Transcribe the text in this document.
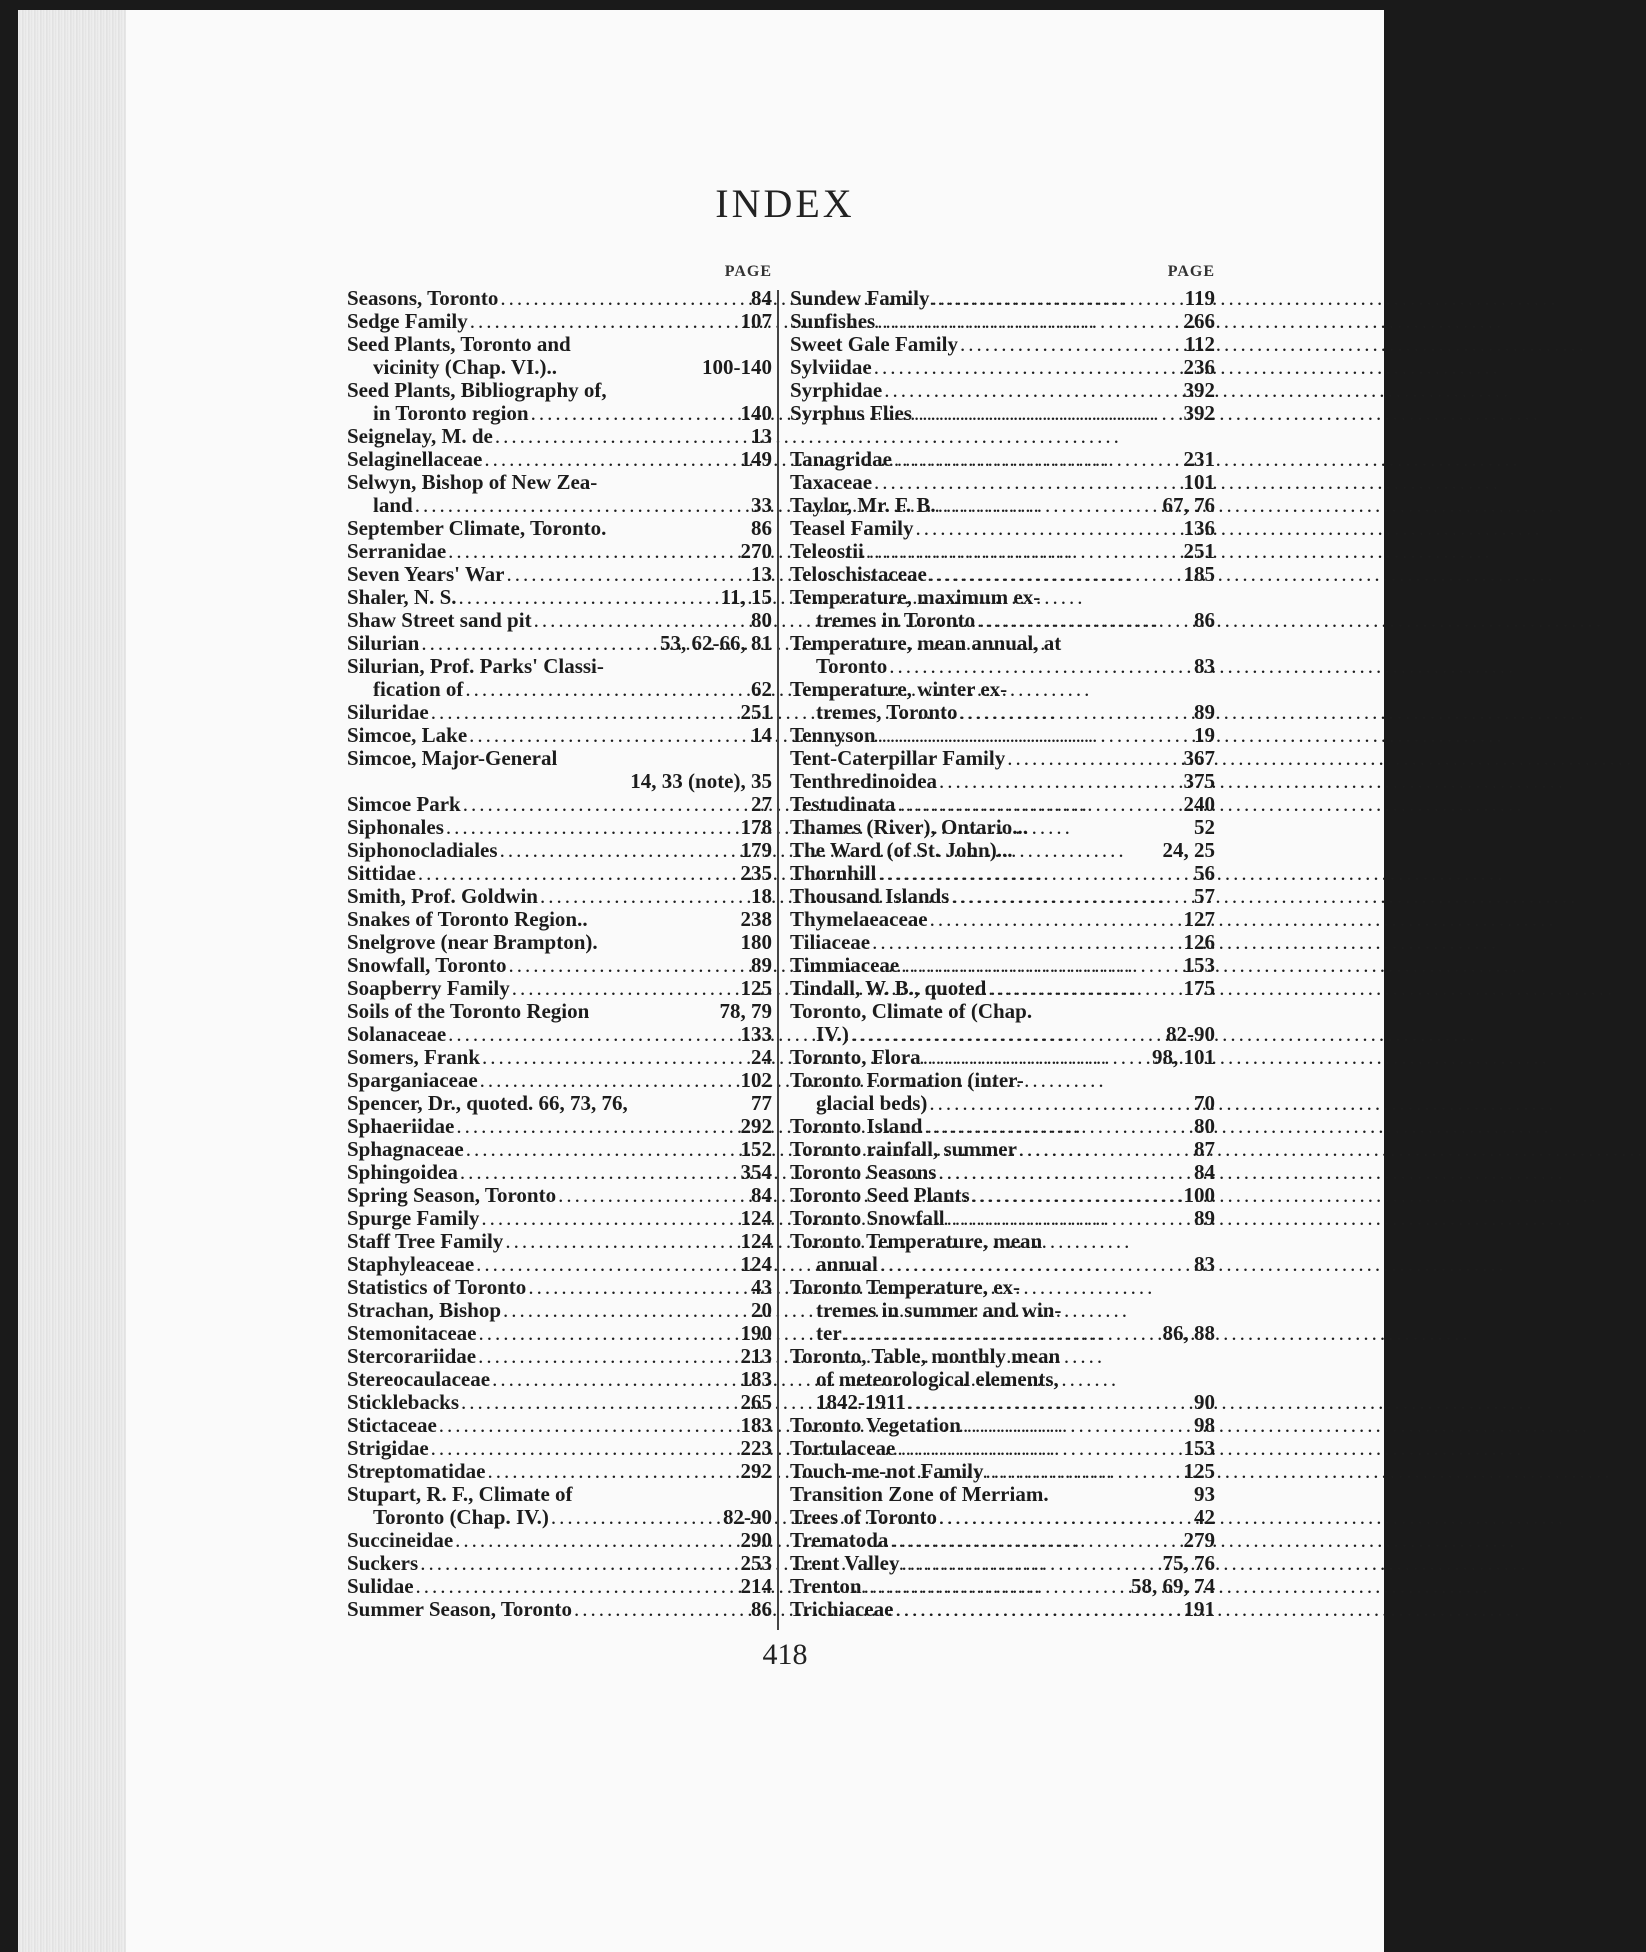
INDEX
PAGE
Seasons, Toronto .....	84
Sedge Family .....	107
Seed Plants, Toronto and
vicinity (Chap. VI.)..	100-140
Seed Plants, Bibliography of,
in Toronto region .....	140
Seignelay, M. de .....	13
Selaginellaceae .....	149
Selwyn, Bishop of New Zea-
land .....	33
September Climate, Toronto.	86
Serranidae .....	270
Seven Years' War .....	13
Shaler, N. S. .....	11, 15
Shaw Street sand pit .....	80
Silurian .....	53, 62-66, 81
Silurian, Prof. Parks' Classi-
fication of .....	62
Siluridae .....	251
Simcoe, Lake .....	14
Simcoe, Major-General
14, 33 (note), 35
Simcoe Park .....	27
Siphonales .....	178
Siphonocladiales .....	179
Sittidae .....	235
Smith, Prof. Goldwin .....	18
Snakes of Toronto Region..	238
Snelgrove (near Brampton).	180
Snowfall, Toronto .....	89
Soapberry Family .....	125
Soils of the Toronto Region	78, 79
Solanaceae .....	133
Somers, Frank .....	24
Sparganiaceae .....	102
Spencer, Dr., quoted. 66, 73, 76,	77
Sphaeriidae .....	292
Sphagnaceae .....	152
Sphingoidea .....	354
Spring Season, Toronto .....	84
Spurge Family .....	124
Staff Tree Family .....	124
Staphyleaceae .....	124
Statistics of Toronto .....	43
Strachan, Bishop .....	20
Stemonitaceae .....	190
Stercorariidae .....	213
Stereocaulaceae .....	183
Sticklebacks .....	265
Stictaceae .....	183
Strigidae .....	223
Streptomatidae .....	292
Stupart, R. F., Climate of
Toronto (Chap. IV.) .....	82-90
Succineidae .....	290
Suckers .....	253
Sulidae .....	214
Summer Season, Toronto .....	86
PAGE
Sundew Family .....	119
Sunfishes .....	266
Sweet Gale Family .....	112
Sylviidae .....	236
Syrphidae .....	392
Syrphus Flies .....	392
Tanagridae .....	231
Taxaceae .....	101
Taylor, Mr. F. B. .....	67, 76
Teasel Family .....	136
Teleostii .....	251
Teloschistaceae .....	185
Temperature, maximum ex-
tremes in Toronto .....	86
Temperature, mean annual, at
Toronto .....	83
Temperature, winter ex-
tremes, Toronto .....	89
Tennyson .....	19
Tent-Caterpillar Family .....	367
Tenthredinoidea .....	375
Testudinata .....	240
Thames (River), Ontario...	52
The Ward (of St. John)...	24, 25
Thornhill .....	56
Thousand Islands .....	57
Thymelaeaceae .....	127
Tiliaceae .....	126
Timmiaceae .....	153
Tindall, W. B., quoted .....	175
Toronto, Climate of (Chap.
IV.) .....	82-90
Toronto, Flora .....	98, 101
Toronto Formation (inter-
glacial beds) .....	70
Toronto Island .....	80
Toronto rainfall, summer .....	87
Toronto Seasons .....	84
Toronto Seed Plants .....	100
Toronto Snowfall .....	89
Toronto Temperature, mean
annual .....	83
Toronto Temperature, ex-
tremes in summer and win-
ter .....	86, 88
Toronto, Table, monthly mean
of meteorological elements,
1842-1911 .....	90
Toronto Vegetation .....	98
Tortulaceae .....	153
Touch-me-not Family .....	125
Transition Zone of Merriam.	93
Trees of Toronto .....	42
Trematoda .....	279
Trent Valley .....	75, 76
Trenton .....	58, 69, 74
Trichiaceae .....	191
418
